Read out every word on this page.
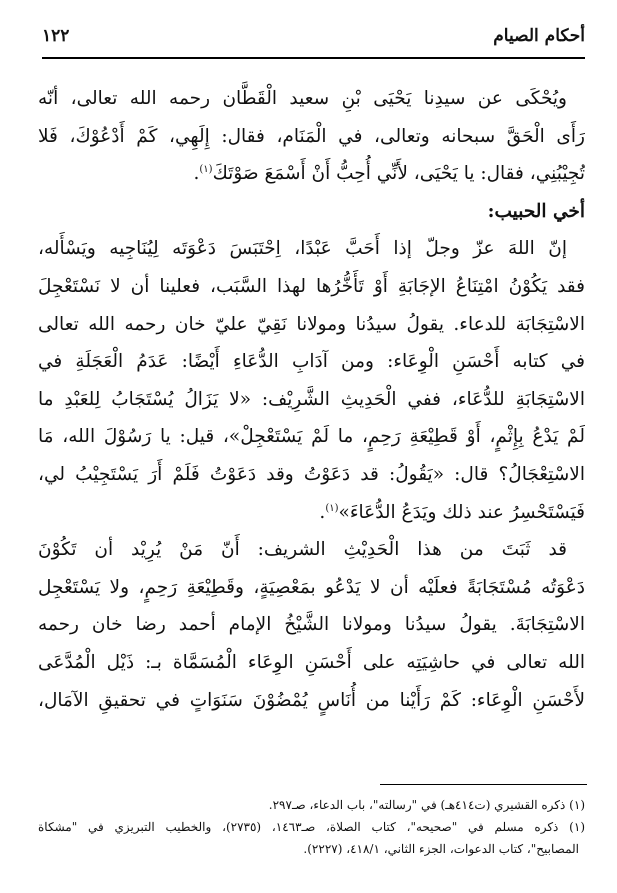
أحكام الصيام
١٢٢
ويُحْكَى عن سيدِنا يَحْيَى بْنِ سعيد الْقَطَّان رحمه الله تعالى، أنّه
رَأَى الْحَقَّ سبحانه وتعالى، في الْمَنَام، فقال: إِلَهِي، كَمْ أَدْعُوْكَ، فَلا
تُجِيْبُنِي، فقال: يا يَحْيَى، لأَنِّي أُحِبُّ أَنْ أَسْمَعَ صَوْتَكَ$^{(١)}$.
أخي الحبيب:
إنّ اللهَ عزّ وجلّ إذا أَحَبَّ عَبْدًا، اِحْتَبَسَ دَعْوَتَه لِيُنَاجِيه ويَسْأَله،
فقد يَكُوْنُ امْتِنَاعُ الإجَابَةِ أَوْ تَأَخُّرُها لهذا السَّبَب، فعلينا أن لا نَسْتَعْجِلَ
الاسْتِجَابَة للدعاء. يقولُ سيدُنا ومولانا نَقِيّ عليّ خان رحمه الله تعالى
في كتابه أَحْسَنِ الْوِعَاء: ومن آدَابِ الدُّعَاءِ أَيْضًا: عَدَمُ الْعَجَلَةِ في
الاسْتِجَابَةِ للدُّعَاء، ففي الْحَدِيثِ الشَّرِيْف: «لا يَزَالُ يُسْتَجَابُ لِلعَبْدِ ما
لَمْ يَدْعُ بِإِثْمٍ، أَوْ قَطِيْعَةِ رَحِمٍ، ما لَمْ يَسْتَعْجِلْ»، قيل: يا رَسُوْلَ الله، مَا
الاسْتِعْجَالُ؟ قال: «يَقُولُ: قد دَعَوْتُ وقد دَعَوْتُ فَلَمْ أَرَ يَسْتَجِيْبُ لي،
فَيَسْتَحْسِرُ عند ذلك ويَدَعُ الدُّعَاءَ»$^{(١)}$.
قد ثَبَتَ من هذا الْحَدِيْثِ الشريف: أَنّ مَنْ يُرِيْد أن تَكُوْنَ
دَعْوَتُه مُسْتَجَابَةً فعلَيْه أن لا يَدْعُو بمَعْصِيَةٍ، وقَطِيْعَةِ رَحِمٍ، ولا يَسْتَعْجِل
الاسْتِجَابَةَ. يقولُ سيدُنا ومولانا الشَّيْخُ الإمام أحمد رضا خان رحمه
الله تعالى في حاشِيَتِه على أَحْسَنِ الوِعَاء الْمُسَمَّاة بـ: ذَيْل الْمُدَّعَى
لأَحْسَنِ الْوِعَاء: كَمْ رَأَيْنا من أُنَاسٍ يُمْضُوْنَ سَنَوَاتٍ في تحقيقِ الآمَال،
(١) ذكره القشيري (ت٤١٤هـ) في "رسالته"، باب الدعاء، صـ٢٩٧.
(١) ذكره مسلم في "صحيحه"، كتاب الصلاة، صـ١٤٦٣، (٢٧٣٥)، والخطيب التبريزي في "مشكاة
المصابيح"، كتاب الدعوات، الجزء الثاني، ٤١٨/١، (٢٢٢٧).
